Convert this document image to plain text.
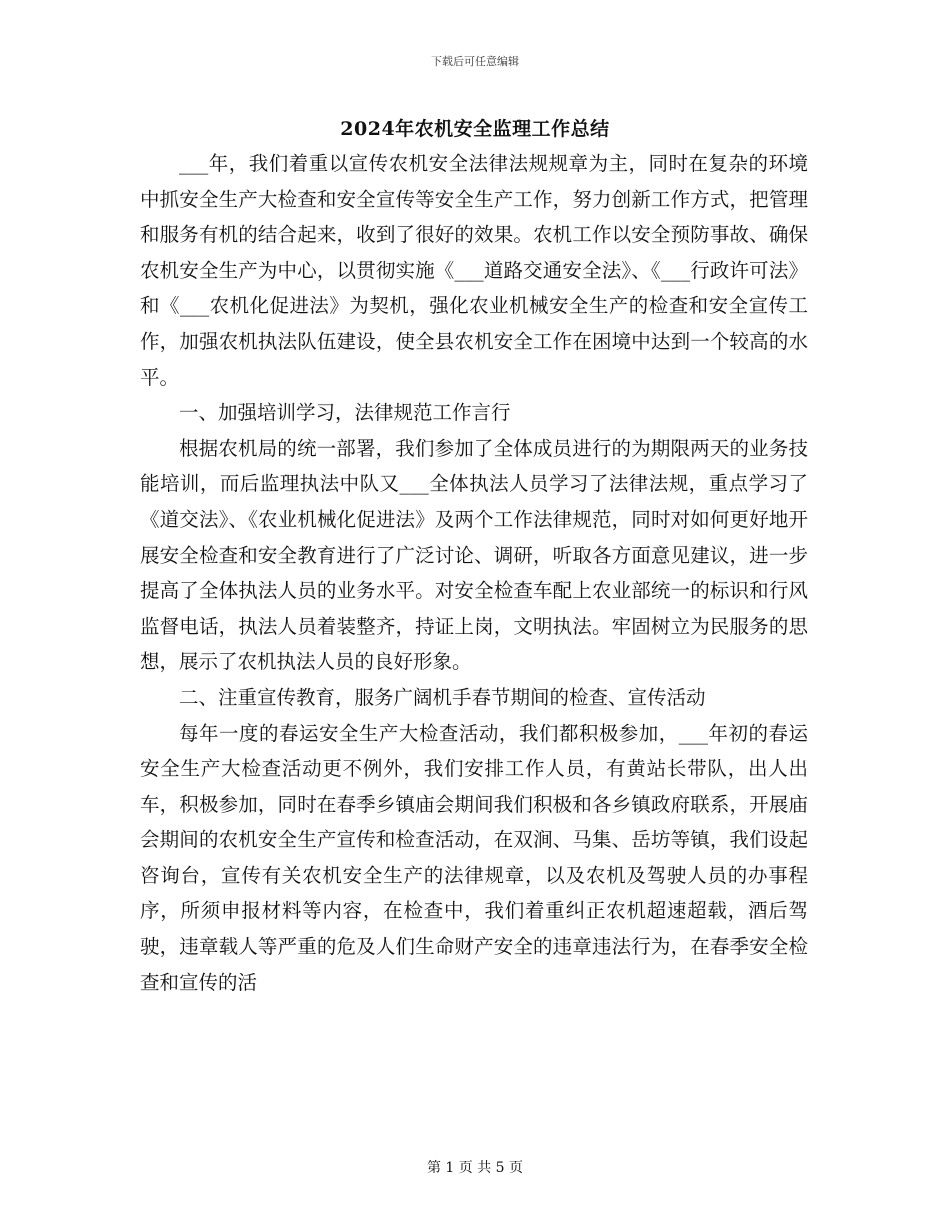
下载后可任意编辑
2024年农机安全监理工作总结

___年，我们着重以宣传农机安全法律法规规章为主，同时在复杂的环境中抓安全生产大检查和安全宣传等安全生产工作，努力创新工作方式，把管理和服务有机的结合起来，收到了很好的效果。农机工作以安全预防事故、确保农机安全生产为中心，以贯彻实施《___道路交通安全法》、《___行政许可法》和《___农机化促进法》为契机，强化农业机械安全生产的检查和安全宣传工作，加强农机执法队伍建设，使全县农机安全工作在困境中达到一个较高的水平。

一、加强培训学习，法律规范工作言行

根据农机局的统一部署，我们参加了全体成员进行的为期限两天的业务技能培训，而后监理执法中队又___全体执法人员学习了法律法规，重点学习了《道交法》、《农业机械化促进法》及两个工作法律规范，同时对如何更好地开展安全检查和安全教育进行了广泛讨论、调研，听取各方面意见建议，进一步提高了全体执法人员的业务水平。对安全检查车配上农业部统一的标识和行风监督电话，执法人员着装整齐，持证上岗，文明执法。牢固树立为民服务的思想，展示了农机执法人员的良好形象。

二、注重宣传教育，服务广阔机手春节期间的检查、宣传活动

每年一度的春运安全生产大检查活动，我们都积极参加，___年初的春运安全生产大检查活动更不例外，我们安排工作人员，有黄站长带队，出人出车，积极参加，同时在春季乡镇庙会期间我们积极和各乡镇政府联系，开展庙会期间的农机安全生产宣传和检查活动，在双涧、马集、岳坊等镇，我们设起咨询台，宣传有关农机安全生产的法律规章，以及农机及驾驶人员的办事程序，所须申报材料等内容，在检查中，我们着重纠正农机超速超载，酒后驾驶，违章载人等严重的危及人们生命财产安全的违章违法行为，在春季安全检查和宣传的活

第 1 页 共 5 页
